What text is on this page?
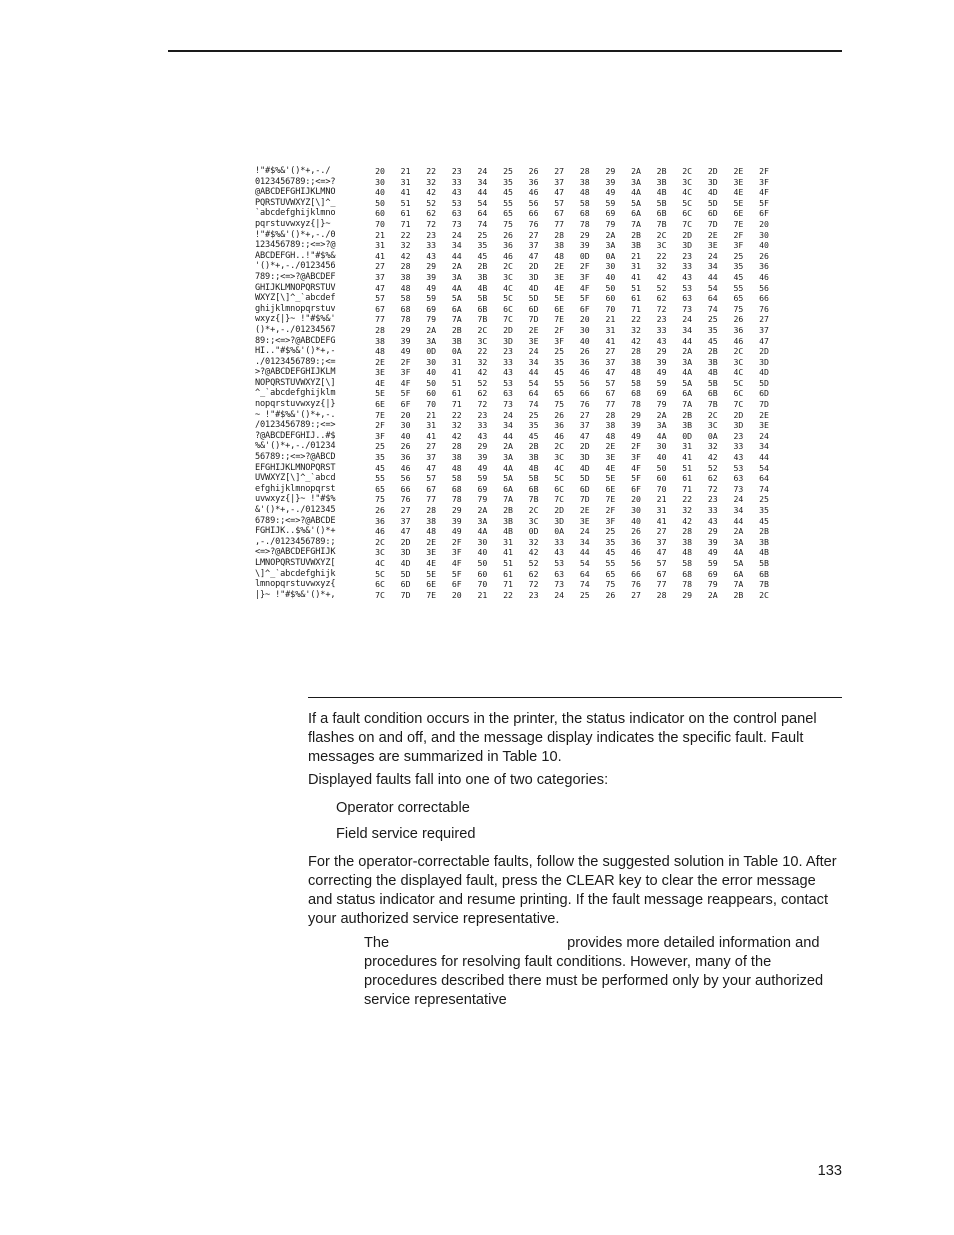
!"#$%&'()*+,-./	20	21	22	23	24	25	26	27	28	29	2A	2B	2C	2D	2E	2F
0123456789:;<=>?	30	31	32	33	34	35	36	37	38	39	3A	3B	3C	3D	3E	3F
@ABCDEFGHIJKLMNO	40	41	42	43	44	45	46	47	48	49	4A	4B	4C	4D	4E	4F
PQRSTUVWXYZ[\]^_	50	51	52	53	54	55	56	57	58	59	5A	5B	5C	5D	5E	5F
`abcdefghijklmno	60	61	62	63	64	65	66	67	68	69	6A	6B	6C	6D	6E	6F
pqrstuvwxyz{|}~	70	71	72	73	74	75	76	77	78	79	7A	7B	7C	7D	7E	20
!"#$%&'()*+,-./0	21	22	23	24	25	26	27	28	29	2A	2B	2C	2D	2E	2F	30
123456789:;<=>?@	31	32	33	34	35	36	37	38	39	3A	3B	3C	3D	3E	3F	40
ABCDEFGH..!"#$%&	41	42	43	44	45	46	47	48	0D	0A	21	22	23	24	25	26
'()*+,-./0123456	27	28	29	2A	2B	2C	2D	2E	2F	30	31	32	33	34	35	36
789:;<=>?@ABCDEF	37	38	39	3A	3B	3C	3D	3E	3F	40	41	42	43	44	45	46
GHIJKLMNOPQRSTUV	47	48	49	4A	4B	4C	4D	4E	4F	50	51	52	53	54	55	56
WXYZ[\]^_`abcdef	57	58	59	5A	5B	5C	5D	5E	5F	60	61	62	63	64	65	66
ghijklmnopqrstuv	67	68	69	6A	6B	6C	6D	6E	6F	70	71	72	73	74	75	76
wxyz{|}~ !"#$%&'	77	78	79	7A	7B	7C	7D	7E	20	21	22	23	24	25	26	27
()*+,-./01234567	28	29	2A	2B	2C	2D	2E	2F	30	31	32	33	34	35	36	37
89:;<=>?@ABCDEFG	38	39	3A	3B	3C	3D	3E	3F	40	41	42	43	44	45	46	47
HI.."#$%&'()*+,-	48	49	0D	0A	22	23	24	25	26	27	28	29	2A	2B	2C	2D
./0123456789:;<=	2E	2F	30	31	32	33	34	35	36	37	38	39	3A	3B	3C	3D
>?@ABCDEFGHIJKLM	3E	3F	40	41	42	43	44	45	46	47	48	49	4A	4B	4C	4D
NOPQRSTUVWXYZ[\]	4E	4F	50	51	52	53	54	55	56	57	58	59	5A	5B	5C	5D
^_`abcdefghijklm	5E	5F	60	61	62	63	64	65	66	67	68	69	6A	6B	6C	6D
nopqrstuvwxyz{|}	6E	6F	70	71	72	73	74	75	76	77	78	79	7A	7B	7C	7D
~ !"#$%&'()*+,-.	7E	20	21	22	23	24	25	26	27	28	29	2A	2B	2C	2D	2E
/0123456789:;<=>	2F	30	31	32	33	34	35	36	37	38	39	3A	3B	3C	3D	3E
?@ABCDEFGHIJ..#$	3F	40	41	42	43	44	45	46	47	48	49	4A	0D	0A	23	24
%&'()*+,-./01234	25	26	27	28	29	2A	2B	2C	2D	2E	2F	30	31	32	33	34
56789:;<=>?@ABCD	35	36	37	38	39	3A	3B	3C	3D	3E	3F	40	41	42	43	44
EFGHIJKLMNOPQRST	45	46	47	48	49	4A	4B	4C	4D	4E	4F	50	51	52	53	54
UVWXYZ[\]^_`abcd	55	56	57	58	59	5A	5B	5C	5D	5E	5F	60	61	62	63	64
efghijklmnopqrst	65	66	67	68	69	6A	6B	6C	6D	6E	6F	70	71	72	73	74
uvwxyz{|}~ !"#$%	75	76	77	78	79	7A	7B	7C	7D	7E	20	21	22	23	24	25
&'()*+,-./012345	26	27	28	29	2A	2B	2C	2D	2E	2F	30	31	32	33	34	35
6789:;<=>?@ABCDE	36	37	38	39	3A	3B	3C	3D	3E	3F	40	41	42	43	44	45
FGHIJK..$%&'()*+	46	47	48	49	4A	4B	0D	0A	24	25	26	27	28	29	2A	2B
,-./0123456789:;	2C	2D	2E	2F	30	31	32	33	34	35	36	37	38	39	3A	3B
<=>?@ABCDEFGHIJK	3C	3D	3E	3F	40	41	42	43	44	45	46	47	48	49	4A	4B
LMNOPQRSTUVWXYZ[	4C	4D	4E	4F	50	51	52	53	54	55	56	57	58	59	5A	5B
\]^_`abcdefghijk	5C	5D	5E	5F	60	61	62	63	64	65	66	67	68	69	6A	6B
lmnopqrstuvwxyz{	6C	6D	6E	6F	70	71	72	73	74	75	76	77	78	79	7A	7B
|}~ !"#$%&'()*+,	7C	7D	7E	20	21	22	23	24	25	26	27	28	29	2A	2B	2C

If a fault condition occurs in the printer, the status indicator on the control panel flashes on and off, and the message display indicates the specific fault. Fault messages are summarized in Table 10.

Displayed faults fall into one of two categories:

Operator correctable
Field service required

For the operator-correctable faults, follow the suggested solution in Table 10. After correcting the displayed fault, press the CLEAR key to clear the error message and status indicator and resume printing. If the fault message reappears, contact your authorized service representative.

The	provides more detailed information and procedures for resolving fault conditions. However, many of the procedures described there must be performed only by your authorized service representative

133
